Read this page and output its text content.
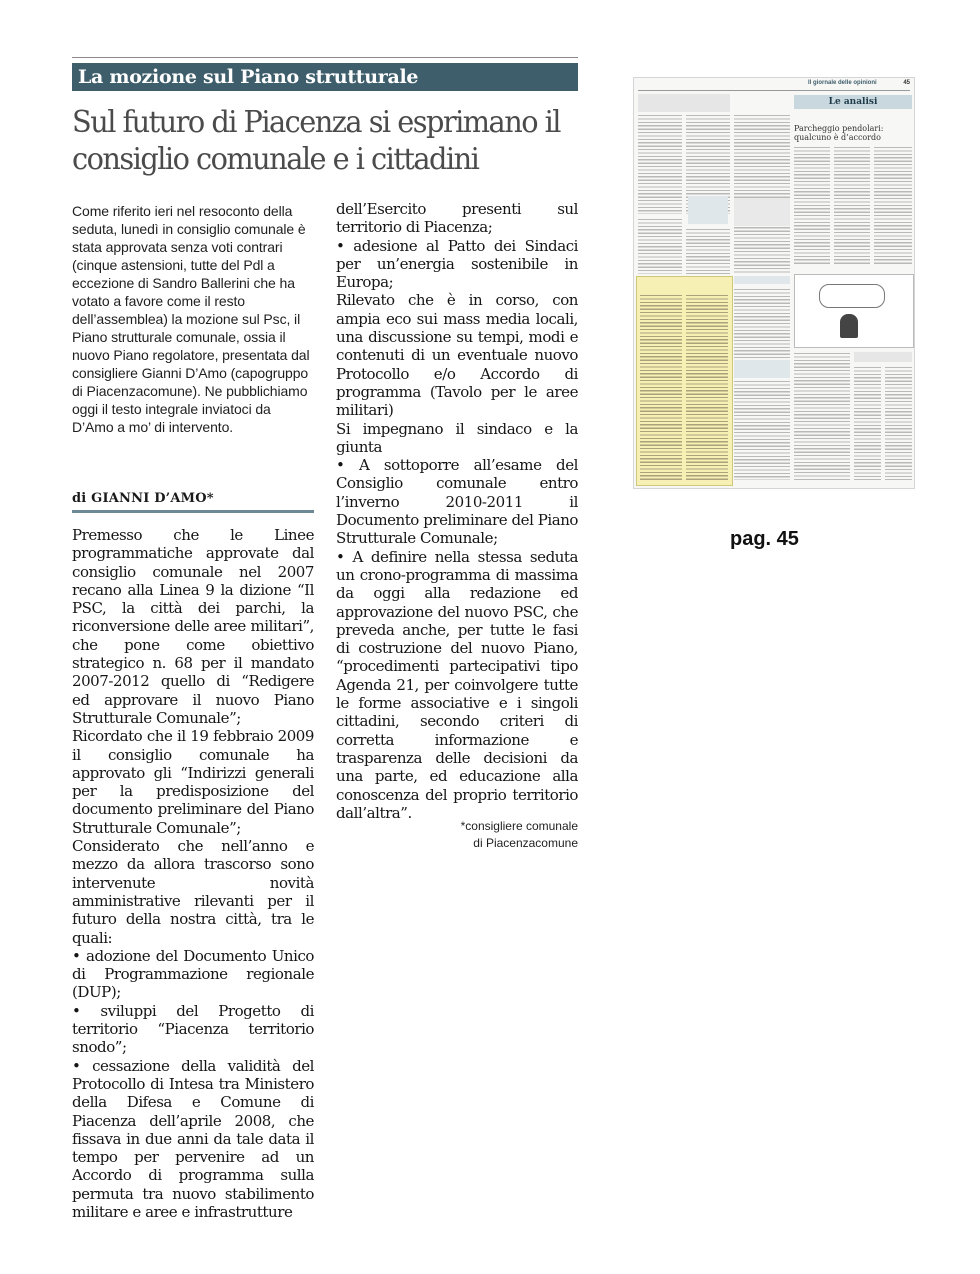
La mozione sul Piano strutturale
Sul futuro di Piacenza si esprimano il consiglio comunale e i cittadini

Come riferito ieri nel resoconto della seduta, lunedì in consiglio comunale è stata approvata senza voti contrari (cinque astensioni, tutte del Pdl a eccezione di Sandro Ballerini che ha votato a favore come il resto dell’assemblea) la mozione sul Psc, il Piano strutturale comunale, ossia il nuovo Piano regolatore, presentata dal consigliere Gianni D’Amo (capogruppo di Piacenzacomune). Ne pubblichiamo oggi il testo integrale inviatoci da D’Amo a mo’ di intervento.

di GIANNI D’AMO*

Premesso che le Linee programmatiche approvate dal consiglio comunale nel 2007 recano alla Linea 9 la dizione “Il PSC, la città dei parchi, la riconversione delle aree militari”, che pone come obiettivo strategico n. 68 per il mandato 2007-2012 quello di “Redigere ed approvare il nuovo Piano Strutturale Comunale”;

Ricordato che il 19 febbraio 2009 il consiglio comunale ha approvato gli “Indirizzi generali per la predisposizione del documento preliminare del Piano Strutturale Comunale”;

Considerato che nell’anno e mezzo da allora trascorso sono intervenute novità amministrative rilevanti per il futuro della nostra città, tra le quali:

• adozione del Documento Unico di Programmazione regionale (DUP);

• sviluppi del Progetto di territorio “Piacenza territorio snodo”;

• cessazione della validità del Protocollo di Intesa tra Ministero della Difesa e Comune di Piacenza dell’aprile 2008, che fissava in due anni da tale data il tempo per pervenire ad un Accordo di programma sulla permuta tra nuovo stabilimento militare e aree e infrastrutture

dell’Esercito presenti sul territorio di Piacenza;

• adesione al Patto dei Sindaci per un’energia sostenibile in Europa;

Rilevato che è in corso, con ampia eco sui mass media locali, una discussione su tempi, modi e contenuti di un eventuale nuovo Protocollo e/o Accordo di programma (Tavolo per le aree militari)

Si impegnano il sindaco e la giunta

• A sottoporre all’esame del Consiglio comunale entro l’inverno 2010-2011 il Documento preliminare del Piano Strutturale Comunale;

• A definire nella stessa seduta un crono-programma di massima da oggi alla redazione ed approvazione del nuovo PSC, che preveda anche, per tutte le fasi di costruzione del nuovo Piano, “procedimenti partecipativi tipo Agenda 21, per coinvolgere tutte le forme associative e i singoli cittadini, secondo criteri di corretta informazione e trasparenza delle decisioni da una parte, ed educazione alla conoscenza del proprio territorio dall’altra”.

*consigliere comunale
di Piacenzacomune
Il giornale delle opinioni	45
Le analisi
Parcheggio pendolari: qualcuno è d’accordo
pag. 45
